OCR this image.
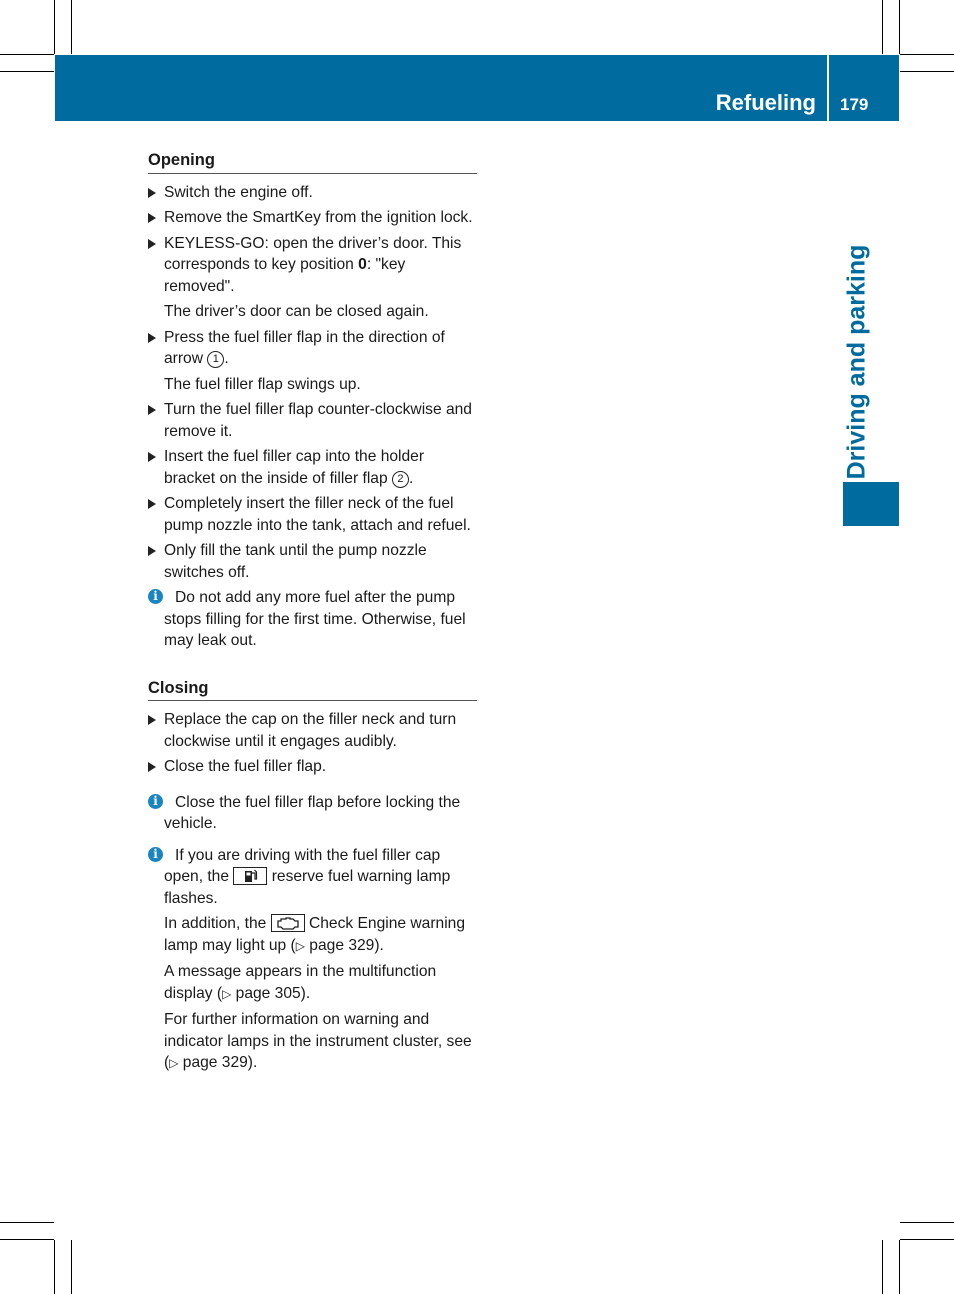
Refueling 179
Driving and parking
Opening
Switch the engine off.
Remove the SmartKey from the ignition lock.
KEYLESS-GO: open the driver’s door. This corresponds to key position 0: "key removed".
The driver’s door can be closed again.
Press the fuel filler flap in the direction of arrow 1 .
The fuel filler flap swings up.
Turn the fuel filler flap counter-clockwise and remove it.
Insert the fuel filler cap into the holder bracket on the inside of filler flap 2 .
Completely insert the filler neck of the fuel pump nozzle into the tank, attach and refuel.
Only fill the tank until the pump nozzle switches off.
i	Do not add any more fuel after the pump stops filling for the first time. Otherwise, fuel may leak out.
Closing
Replace the cap on the filler neck and turn clockwise until it engages audibly.
Close the fuel filler flap.
i	Close the fuel filler flap before locking the vehicle.
i	If you are driving with the fuel filler cap open, the  reserve fuel warning lamp flashes.
In addition, the  Check Engine warning lamp may light up (▷ page 329).
A message appears in the multifunction display (▷ page 305).
For further information on warning and indicator lamps in the instrument cluster, see (▷ page 329).
